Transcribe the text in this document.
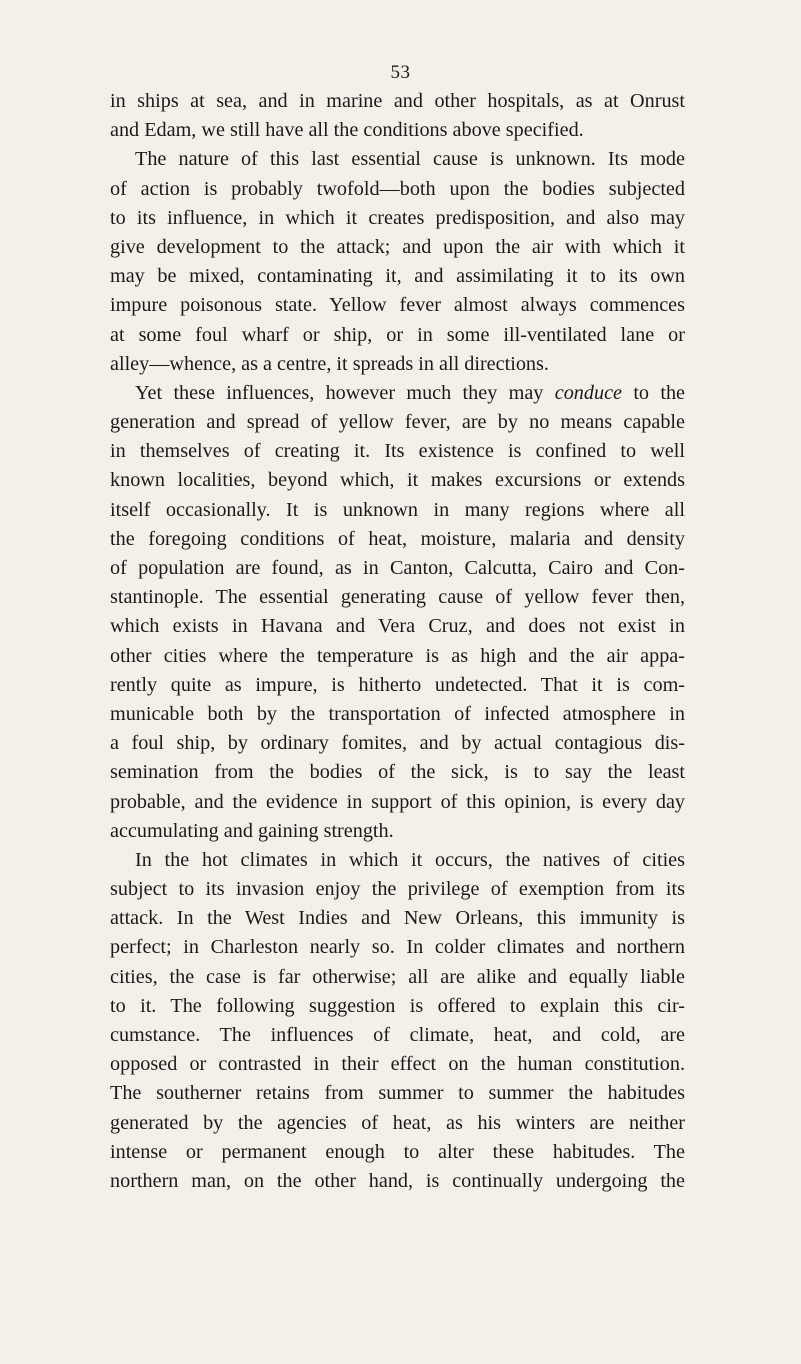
53
in ships at sea, and in marine and other hospitals, as at Onrust
and Edam, we still have all the conditions above specified.
The nature of this last essential cause is unknown. Its mode
of action is probably twofold—both upon the bodies subjected
to its influence, in which it creates predisposition, and also may
give development to the attack; and upon the air with which it
may be mixed, contaminating it, and assimilating it to its own
impure poisonous state. Yellow fever almost always commences
at some foul wharf or ship, or in some ill-ventilated lane or
alley—whence, as a centre, it spreads in all directions.
Yet these influences, however much they may conduce to the
generation and spread of yellow fever, are by no means capable
in themselves of creating it. Its existence is confined to well
known localities, beyond which, it makes excursions or extends
itself occasionally. It is unknown in many regions where all
the foregoing conditions of heat, moisture, malaria and density
of population are found, as in Canton, Calcutta, Cairo and Con-
stantinople. The essential generating cause of yellow fever then,
which exists in Havana and Vera Cruz, and does not exist in
other cities where the temperature is as high and the air appa-
rently quite as impure, is hitherto undetected. That it is com-
municable both by the transportation of infected atmosphere in
a foul ship, by ordinary fomites, and by actual contagious dis-
semination from the bodies of the sick, is to say the least
probable, and the evidence in support of this opinion, is every day
accumulating and gaining strength.
In the hot climates in which it occurs, the natives of cities
subject to its invasion enjoy the privilege of exemption from its
attack. In the West Indies and New Orleans, this immunity is
perfect; in Charleston nearly so. In colder climates and northern
cities, the case is far otherwise; all are alike and equally liable
to it. The following suggestion is offered to explain this cir-
cumstance. The influences of climate, heat, and cold, are
opposed or contrasted in their effect on the human constitution.
The southerner retains from summer to summer the habitudes
generated by the agencies of heat, as his winters are neither
intense or permanent enough to alter these habitudes. The
northern man, on the other hand, is continually undergoing the
